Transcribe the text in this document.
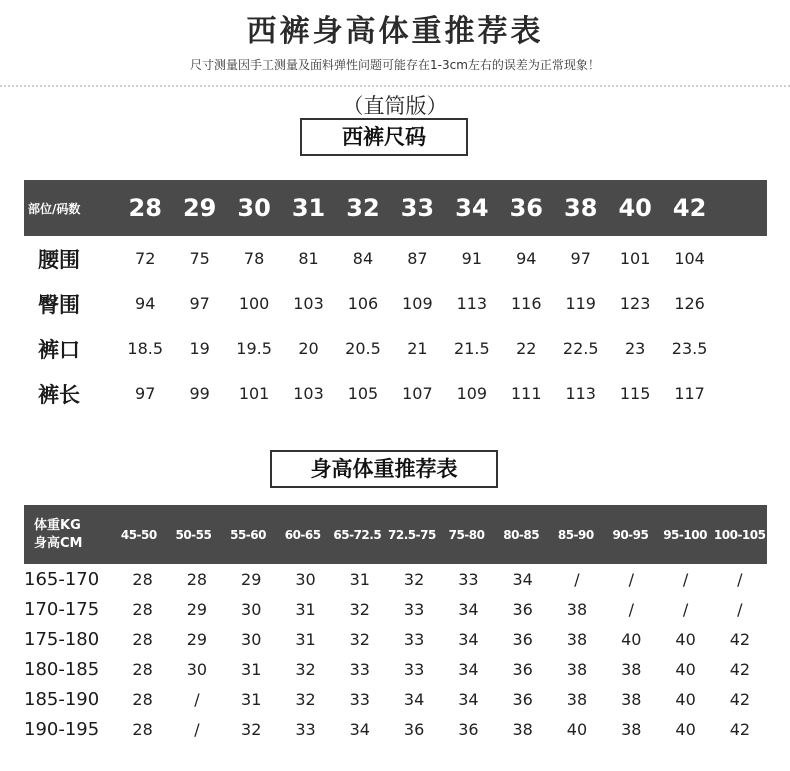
西裤身高体重推荐表
尺寸测量因手工测量及面料弹性问题可能存在1-3cm左右的误差为正常现象！
（直筒版）
西裤尺码
部位/码数	28 29 30 31 32 33 34 36 38 40 42
腰围	72	75	78	81	84	87	91	94	97	101	104
臀围	94	97	100	103	106	109	113	116	119	123	126
裤口	18.5	19	19.5	20	20.5	21	21.5	22	22.5	23	23.5
裤长	97	99	101	103	105	107	109	111	113	115	117
身高体重推荐表
体重KG
身高CM
45-50	50-55	55-60	60-65	65-72.5 72.5-75	75-80	80-85	85-90	90-95	95-100 100-105
165-170	28	28	29	30	31	32	33	34	/	/	/	/
170-175	28	29	30	31	32	33	34	36	38	/	/	/
175-180	28	29	30	31	32	33	34	36	38	40	40	42
180-185	28	30	31	32	33	33	34	36	38	38	40	42
185-190	28	/	31	32	33	34	34	36	38	38	40	42
190-195	28	/	32	33	34	36	36	38	40	38	40	42
